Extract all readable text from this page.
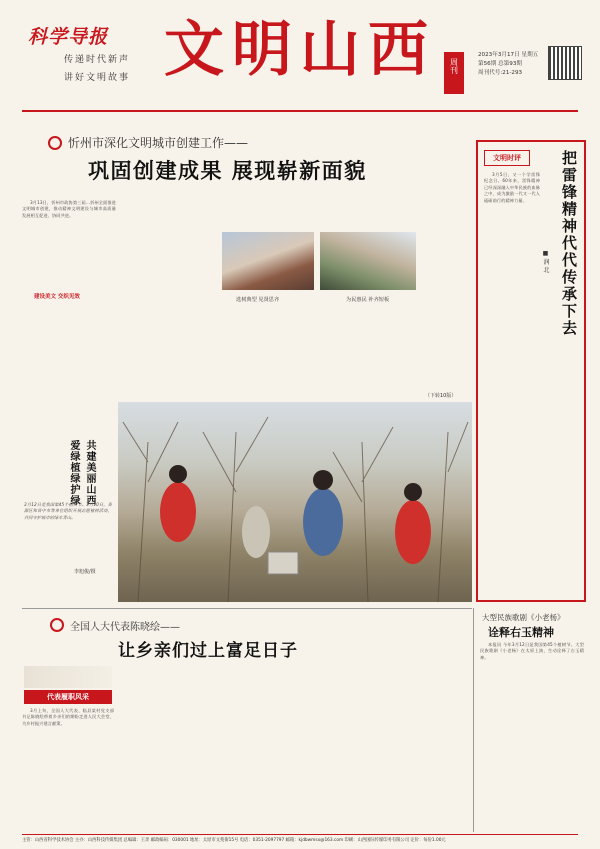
科学导报
传递时代新声
讲好文明故事 文明山西 周刊
2023年3月17日 星期五
第56期 总第93期
周刊代号:21-293
忻州市深化文明城市创建工作——
巩固创建成果 展现崭新面貌

3月13日，忻州市政协第三届...忻州全面推进文明城市创建，推动精神文明建设与城市高质量发展相互促进、协同共进。

建设美文 交织见效	选树典型 见贤思齐	为民惠民 补齐短板
（下转10版）
共建美丽山西
爱绿植绿护绿
3月12日是我国第45个植树节。3月10日，晋源区和晋中市等单位组织开展志愿植树活动，共同守护城市的绿水青山。
李旭俊/摄
文明时评	把雷锋精神代代传承下去
■ 润 北

3月5日，又一个学雷锋纪念日。60年来，雷锋精神已经深深融入中华民族的血脉之中，成为激励一代又一代人砥砺前行的精神力量。

全国人大代表陈晓绘——
让乡亲们过上富足日子
代表履职风采

3月上旬，全国人大代表、临县某村党支部书记陈晓绘带着乡亲们的期盼走进人民大会堂，为乡村振兴建言献策。

大型民族歌剧《小老杨》
诠释右玉精神

本报讯 今年3月12日是我国第45个植树节。大型民族歌剧《小老杨》在太原上演，生动诠释了右玉精神。

主管：山西省科学技术协会 主办：山西科技传媒集团 总编辑：王奔 邮政编码：030001 地址：太原市文苑街15号 电话：0351-2097797 邮箱：kjdbwmsx@163.com 印刷：山西国际传媒印务有限公司 定价：每份1.00元
